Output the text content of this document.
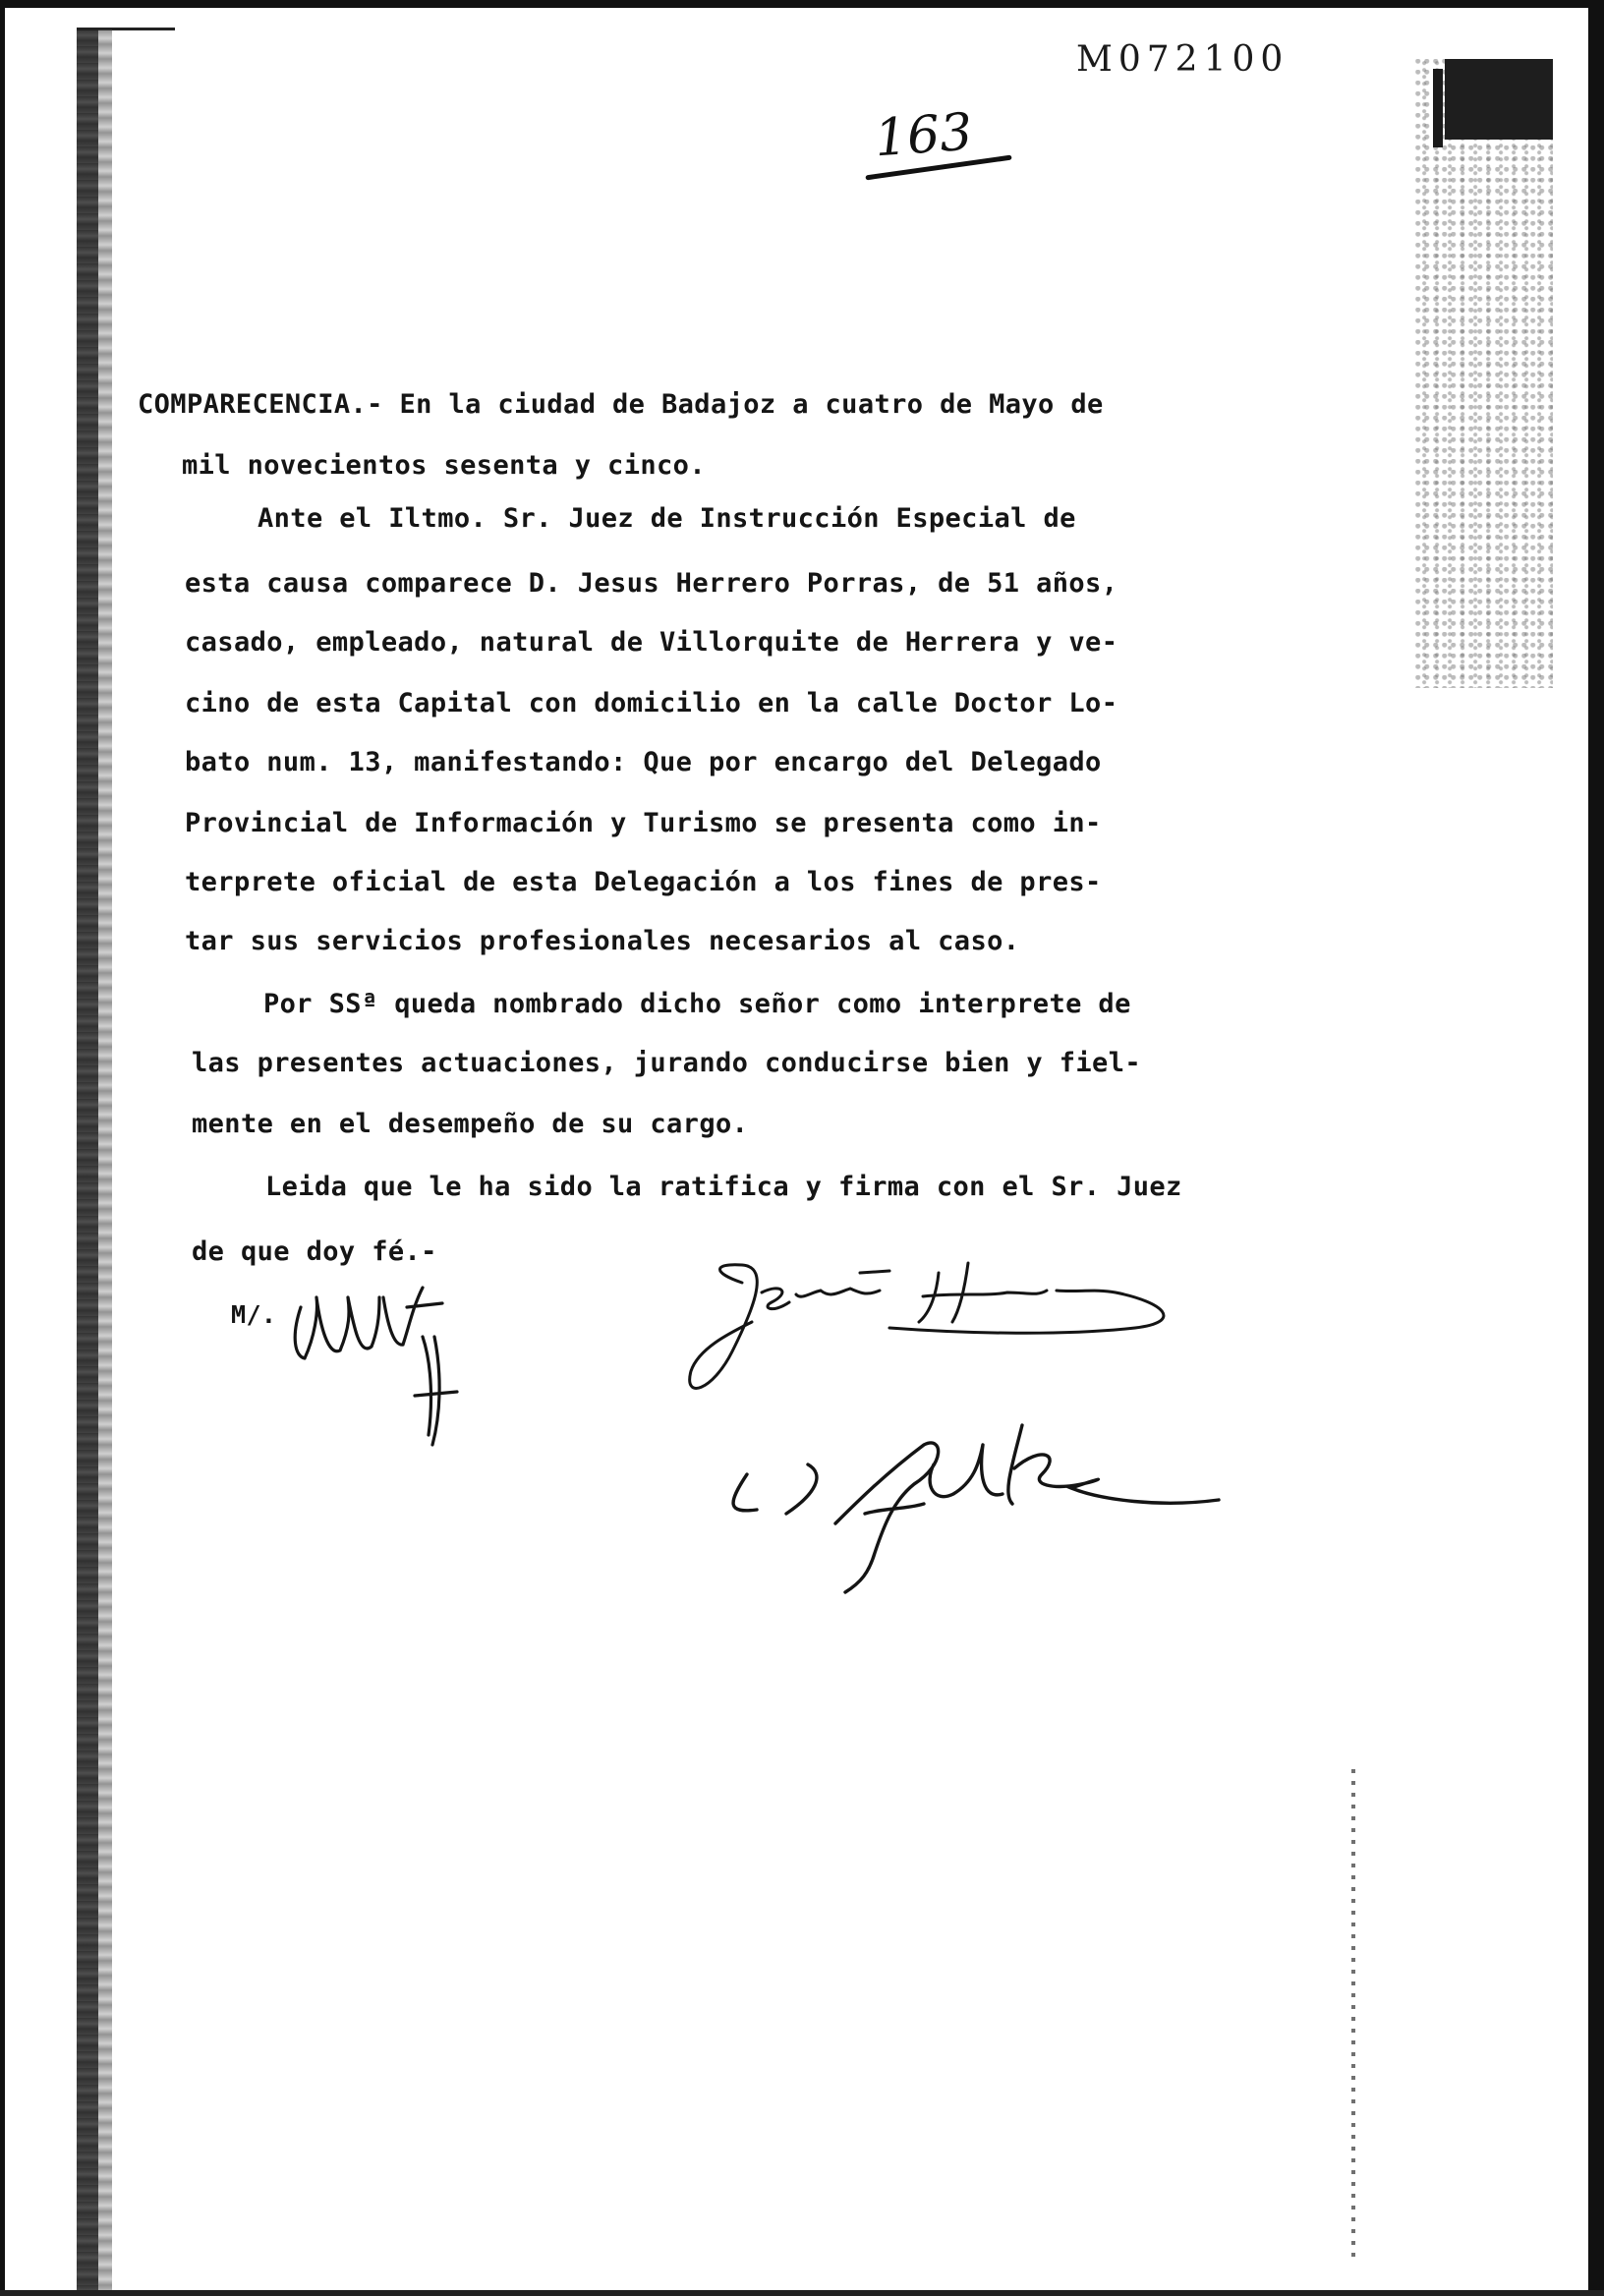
M072100
163
COMPARECENCIA.- En la ciudad de Badajoz a cuatro de Mayo de
mil novecientos sesenta y cinco.
Ante el Iltmo. Sr. Juez de Instrucción Especial de
esta causa comparece D. Jesus Herrero Porras, de 51 años,
casado, empleado, natural de Villorquite de Herrera y ve-
cino de esta Capital con domicilio en la calle Doctor Lo-
bato num. 13, manifestando: Que por encargo del Delegado
Provincial de Información y Turismo se presenta como in-
terprete oficial de esta Delegación a los fines de pres-
tar sus servicios profesionales necesarios al caso.
Por SSª queda nombrado dicho señor como interprete de
las presentes actuaciones, jurando conducirse bien y fiel-
mente en el desempeño de su cargo.
Leida que le ha sido la ratifica y firma con el Sr. Juez
de que doy fé.-
M/.
